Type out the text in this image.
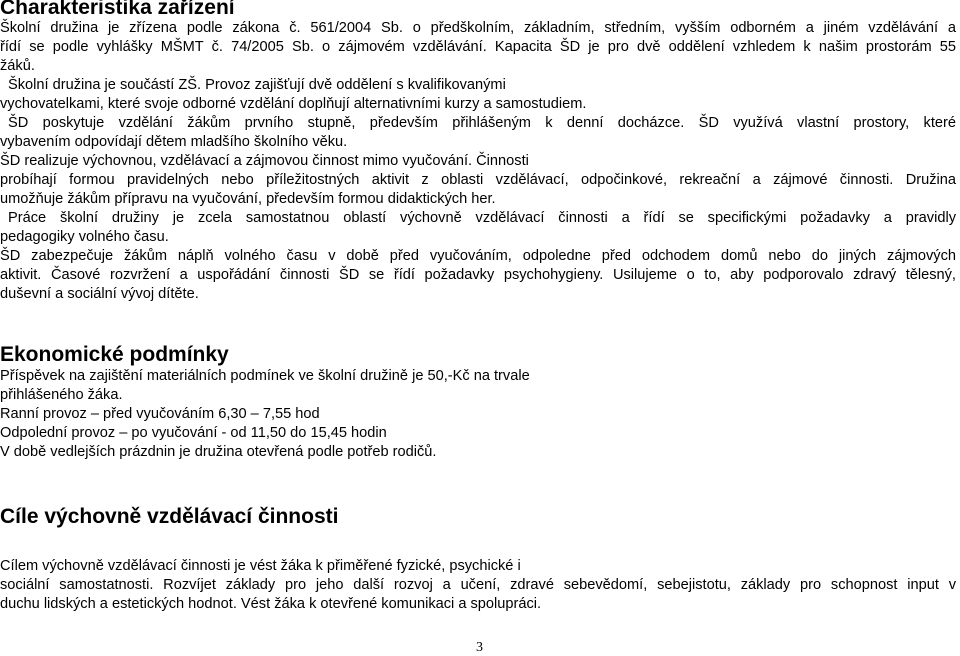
Charakteristika zařízení

Školní družina je zřízena podle zákona č. 561/2004 Sb. o předškolním, základním, středním, vyšším odborném a jiném vzdělávání a

řídí se podle vyhlášky MŠMT č. 74/2005 Sb. o zájmovém vzdělávání. Kapacita ŠD je pro dvě oddělení vzhledem k našim prostorám 55

žáků.

Školní družina je součástí ZŠ. Provoz zajišťují dvě oddělení s kvalifikovanými

vychovatelkami, které svoje odborné vzdělání doplňují alternativními kurzy a samostudiem.

ŠD poskytuje vzdělání žákům prvního stupně, především přihlášeným k denní docházce. ŠD využívá vlastní prostory, které

vybavením odpovídají dětem mladšího školního věku.

ŠD realizuje výchovnou, vzdělávací a zájmovou činnost mimo vyučování. Činnosti

probíhají formou pravidelných nebo příležitostných aktivit z oblasti vzdělávací, odpočinkové, rekreační a zájmové činnosti. Družina

umožňuje žákům přípravu na vyučování, především formou didaktických her.

Práce školní družiny je zcela samostatnou oblastí výchovně vzdělávací činnosti a řídí se specifickými požadavky a pravidly

pedagogiky volného času.

ŠD zabezpečuje žákům náplň volného času v době před vyučováním, odpoledne před odchodem domů nebo do jiných zájmových

aktivit. Časové rozvržení a uspořádání činnosti ŠD se řídí požadavky psychohygieny. Usilujeme o to, aby podporovalo zdravý tělesný,

duševní a sociální vývoj dítěte.

Ekonomické podmínky

Příspěvek na zajištění materiálních podmínek ve školní družině je 50,-Kč na trvale

přihlášeného žáka.

Ranní provoz – před vyučováním 6,30 – 7,55 hod

Odpolední provoz – po vyučování - od 11,50 do 15,45 hodin

V době vedlejších prázdnin je družina otevřená podle potřeb rodičů.

Cíle výchovně vzdělávací činnosti

Cílem výchovně vzdělávací činnosti je vést žáka k přiměřené fyzické, psychické i

sociální samostatnosti. Rozvíjet základy pro jeho další rozvoj a učení, zdravé sebevědomí, sebejistotu, základy pro schopnost input v

duchu lidských a estetických hodnot. Vést žáka k otevřené komunikaci a spolupráci.

3
